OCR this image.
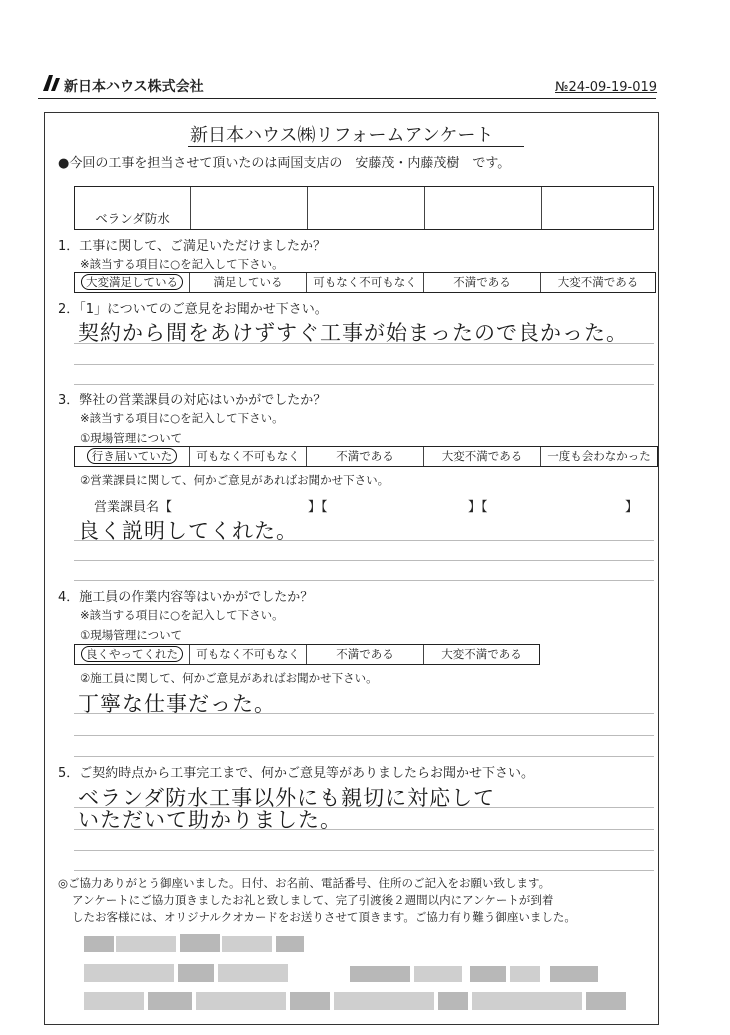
新日本ハウス株式会社	№24-09-19-019
新日本ハウス㈱リフォームアンケート
●今回の工事を担当させて頂いたのは両国支店の　安藤茂・内藤茂樹　です。
ベランダ防水
1．工事に関して、ご満足いただけましたか？
※該当する項目に○を記入して下さい。
大変満足している	満足している	可もなく不可もなく	不満である	大変不満である
2．「1」についてのご意見をお聞かせ下さい。
契約から間をあけずすぐ工事が始まったので良かった。
3．弊社の営業課員の対応はいかがでしたか？
※該当する項目に○を記入して下さい。
①現場管理について
行き届いていた	可もなく不可もなく	不満である	大変不満である	一度も会わなかった
②営業課員に関して、何かご意見があればお聞かせ下さい。
営業課員名【	】【	】【	】
良く説明してくれた。
4．施工員の作業内容等はいかがでしたか？
※該当する項目に○を記入して下さい。
①現場管理について
良くやってくれた	可もなく不可もなく	不満である	大変不満である
②施工員に関して、何かご意見があればお聞かせ下さい。
丁寧な仕事だった。
5．ご契約時点から工事完工まで、何かご意見等がありましたらお聞かせ下さい。
ベランダ防水工事以外にも親切に対応して
いただいて助かりました。
◎ご協力ありがとう御座いました。日付、お名前、電話番号、住所のご記入をお願い致します。
アンケートにご協力頂きましたお礼と致しまして、完了引渡後２週間以内にアンケートが到着
したお客様には、オリジナルクオカードをお送りさせて頂きます。ご協力有り難う御座いました。
